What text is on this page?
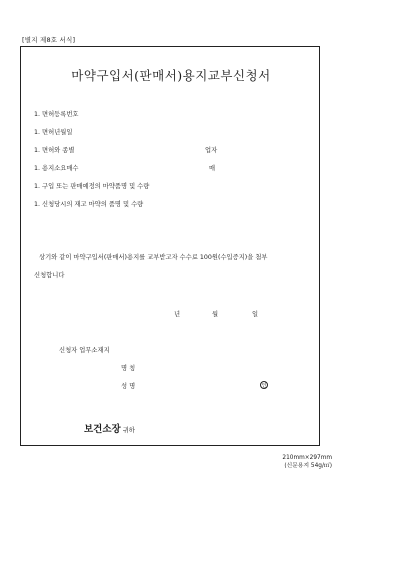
[별지 제8호 서식]
마약구입서(판매서)용지교부신청서
1. 면허등록번호
1. 면허년월일
1. 면허와 종별	업자
1. 용지소요매수	매
1. 구입 또는 판매예정의 마약품명 및 수량
1. 신청당시의 재고 마약의 품명 및 수량
상기와 같이 마약구입서(판매서)용지를 교부받고자 수수료 100원(수입증지)을 첨부
신청합니다
년	월	일
신청자 업무소재지
명 칭
성 명	인
보건소장 귀하
210mm×297mm
(신문용지 54g/㎡)
